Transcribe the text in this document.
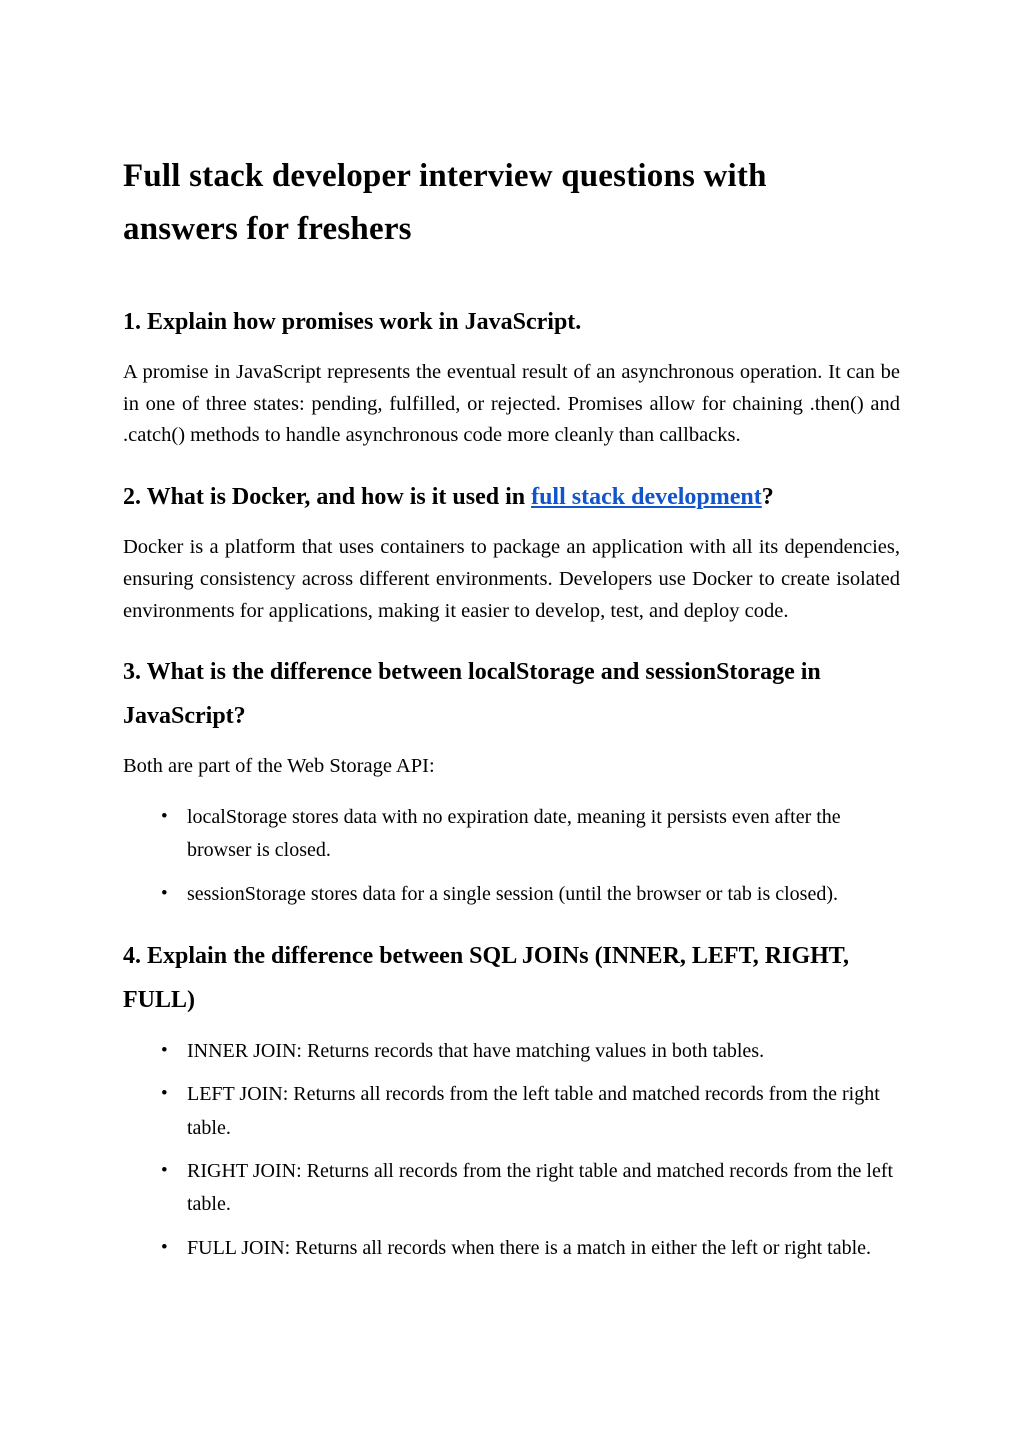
Full stack developer interview questions with answers for freshers
1. Explain how promises work in JavaScript.

A promise in JavaScript represents the eventual result of an asynchronous operation. It can be in one of three states: pending, fulfilled, or rejected. Promises allow for chaining .then() and .catch() methods to handle asynchronous code more cleanly than callbacks.

2. What is Docker, and how is it used in full stack development?

Docker is a platform that uses containers to package an application with all its dependencies, ensuring consistency across different environments. Developers use Docker to create isolated environments for applications, making it easier to develop, test, and deploy code.

3. What is the difference between localStorage and sessionStorage in JavaScript?

Both are part of the Web Storage API:

• localStorage stores data with no expiration date, meaning it persists even after the browser is closed.
• sessionStorage stores data for a single session (until the browser or tab is closed).
4. Explain the difference between SQL JOINs (INNER, LEFT, RIGHT, FULL)
• INNER JOIN: Returns records that have matching values in both tables.
• LEFT JOIN: Returns all records from the left table and matched records from the right table.
• RIGHT JOIN: Returns all records from the right table and matched records from the left table.
• FULL JOIN: Returns all records when there is a match in either the left or right table.
